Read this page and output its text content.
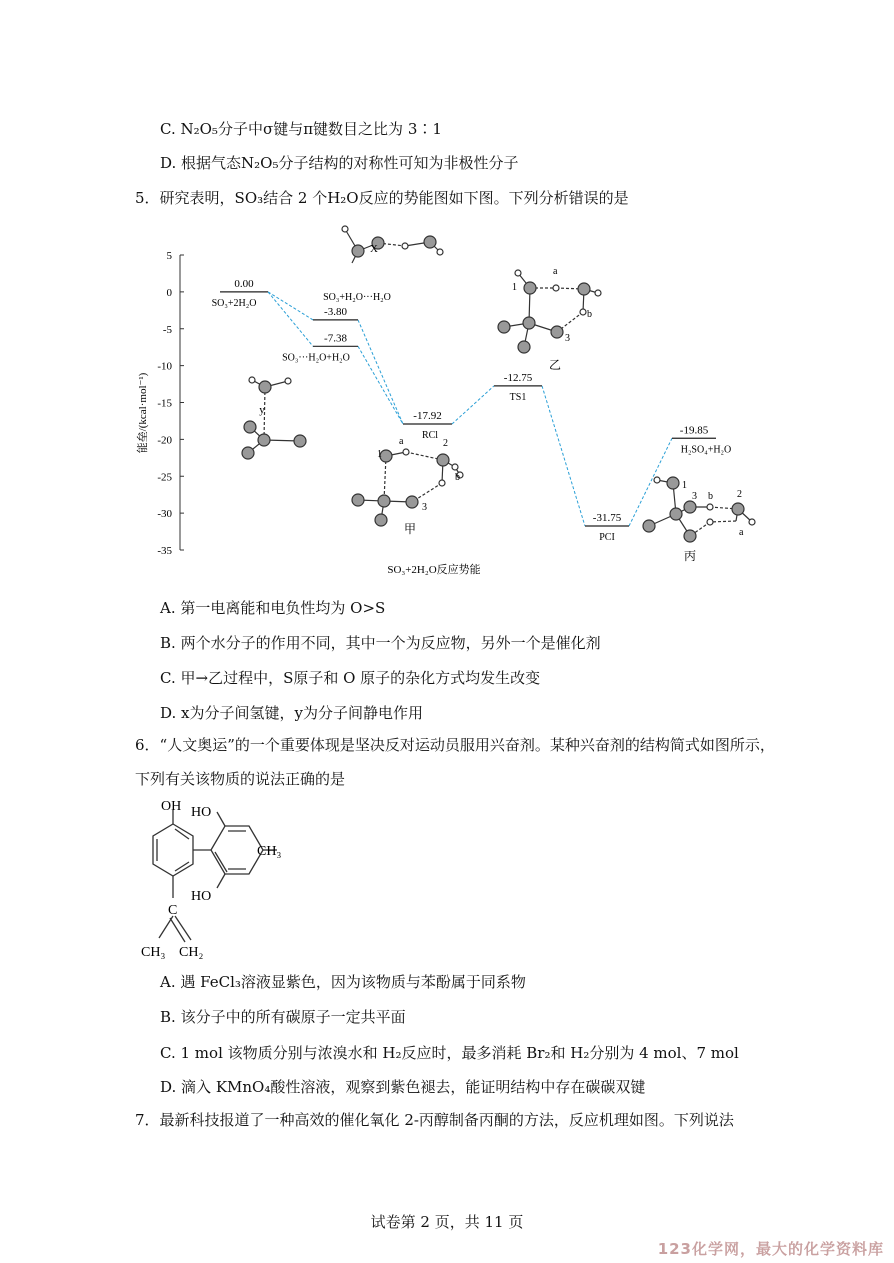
C. N₂O₅分子中σ键与π键数目之比为 3∶1
D. 根据气态N₂O₅分子结构的对称性可知为非极性分子
5．研究表明，SO₃结合 2 个H₂O反应的势能图如下图。下列分析错误的是
5
0
-5
-10
-15
-20
-25
-30
-35
能垒/(kcal·mol⁻¹)
0.00
SO₃+2H₂O
-3.80
SO₃+H₂O···H₂O
-7.38
SO₃···H₂O+H₂O
-17.92
RCl
-12.75
TS1
-31.75
PCI
-19.85
H₂SO₄+H₂O
SO₃+2H₂O反应势能
X
y
1
a	2
b
3
甲
1
a
b
3
乙
1
3 b 2
a
丙
A. 第一电离能和电负性均为 O>S
B. 两个水分子的作用不同，其中一个为反应物，另外一个是催化剂
C. 甲→乙过程中，S原子和 O 原子的杂化方式均发生改变
D. x为分子间氢键，y为分子间静电作用
6．“人文奥运”的一个重要体现是坚决反对运动员服用兴奋剂。某种兴奋剂的结构简式如图所示，下列有关该物质的说法正确的是
OH HO
HO
CH₃
C
CH₃ CH₂
A. 遇 FeCl₃溶液显紫色，因为该物质与苯酚属于同系物
B. 该分子中的所有碳原子一定共平面
C. 1 mol 该物质分别与浓溴水和 H₂反应时，最多消耗 Br₂和 H₂分别为 4 mol、7 mol
D. 滴入 KMnO₄酸性溶液，观察到紫色褪去，能证明结构中存在碳碳双键
7．最新科技报道了一种高效的催化氧化 2-丙醇制备丙酮的方法，反应机理如图。下列说法
试卷第 2 页，共 11 页
123化学网，最大的化学资料库
